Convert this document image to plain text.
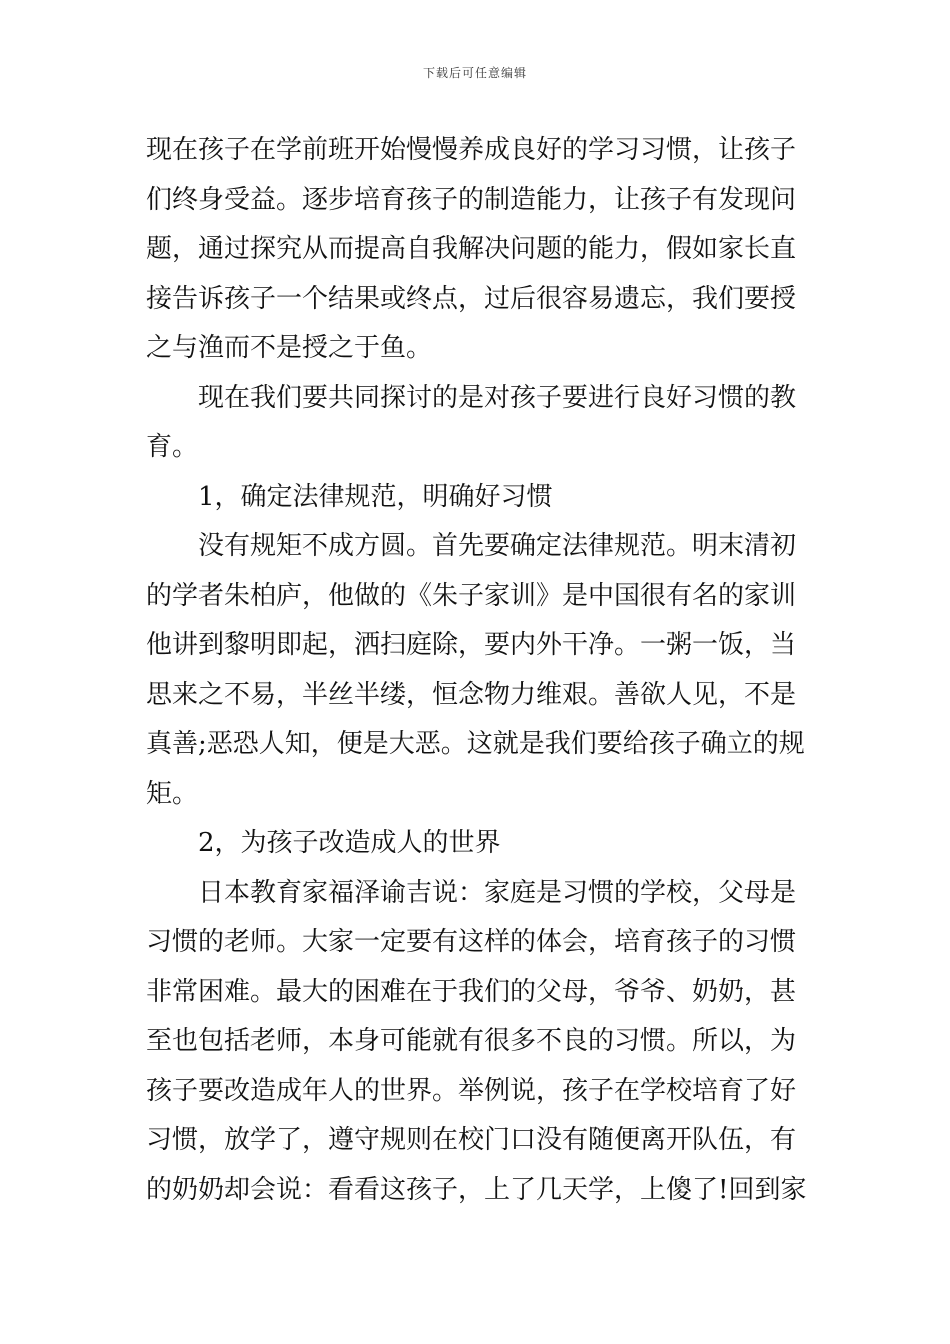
下载后可任意编辑
现在孩子在学前班开始慢慢养成良好的学习习惯，让孩子
们终身受益。逐步培育孩子的制造能力，让孩子有发现问
题，通过探究从而提高自我解决问题的能力，假如家长直
接告诉孩子一个结果或终点，过后很容易遗忘，我们要授
之与渔而不是授之于鱼。
现在我们要共同探讨的是对孩子要进行良好习惯的教
育。
1，确定法律规范，明确好习惯
没有规矩不成方圆。首先要确定法律规范。明末清初
的学者朱柏庐，他做的《朱子家训》是中国很有名的家训
他讲到黎明即起，洒扫庭除，要内外干净。一粥一饭，当
思来之不易，半丝半缕，恒念物力维艰。善欲人见，不是
真善;恶恐人知，便是大恶。这就是我们要给孩子确立的规
矩。
2，为孩子改造成人的世界
日本教育家福泽谕吉说：家庭是习惯的学校，父母是
习惯的老师。大家一定要有这样的体会，培育孩子的习惯
非常困难。最大的困难在于我们的父母，爷爷、奶奶，甚
至也包括老师，本身可能就有很多不良的习惯。所以，为
孩子要改造成年人的世界。举例说，孩子在学校培育了好
习惯，放学了，遵守规则在校门口没有随便离开队伍，有
的奶奶却会说：看看这孩子，上了几天学，上傻了!回到家
